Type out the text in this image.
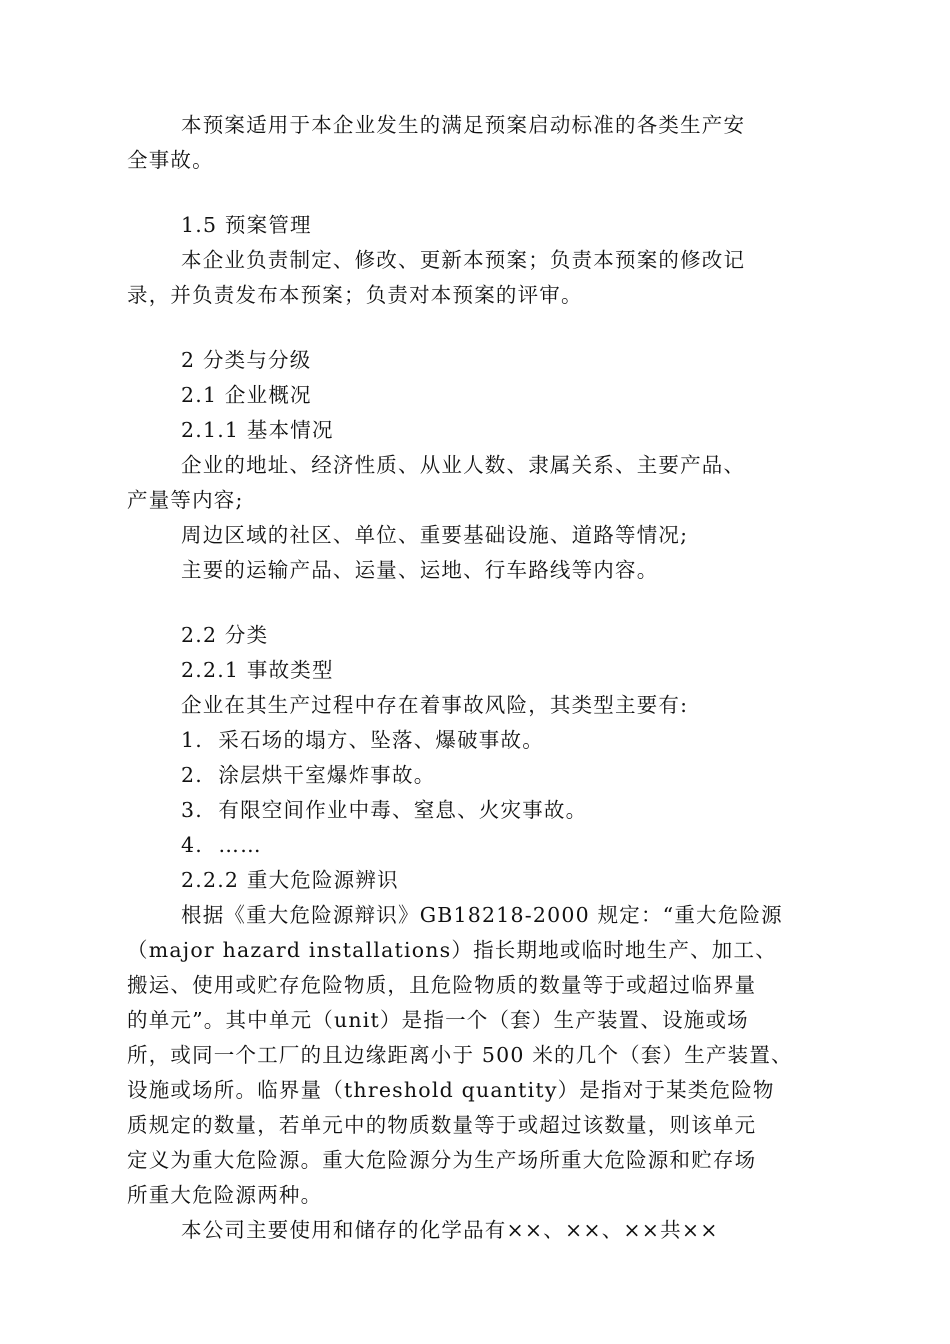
本预案适用于本企业发生的满足预案启动标准的各类生产安
全事故。
1.5 预案管理
本企业负责制定、修改、更新本预案；负责本预案的修改记
录，并负责发布本预案；负责对本预案的评审。
2 分类与分级
2.1 企业概况
2.1.1 基本情况
企业的地址、经济性质、从业人数、隶属关系、主要产品、
产量等内容;
周边区域的社区、单位、重要基础设施、道路等情况;
主要的运输产品、运量、运地、行车路线等内容。
2.2 分类
2.2.1 事故类型
企业在其生产过程中存在着事故风险，其类型主要有:
1.  采石场的塌方、坠落、爆破事故。
2.  涂层烘干室爆炸事故。
3.  有限空间作业中毒、窒息、火灾事故。
4.  ……
2.2.2 重大危险源辨识
根据《重大危险源辩识》GB18218-2000 规定：“重大危险源
（major hazard installations）指长期地或临时地生产、加工、
搬运、使用或贮存危险物质，且危险物质的数量等于或超过临界量
的单元”。其中单元（unit）是指一个（套）生产装置、设施或场
所，或同一个工厂的且边缘距离小于 500 米的几个（套）生产装置、
设施或场所。临界量（threshold quantity）是指对于某类危险物
质规定的数量，若单元中的物质数量等于或超过该数量，则该单元
定义为重大危险源。重大危险源分为生产场所重大危险源和贮存场
所重大危险源两种。
本公司主要使用和储存的化学品有××、××、××共××
